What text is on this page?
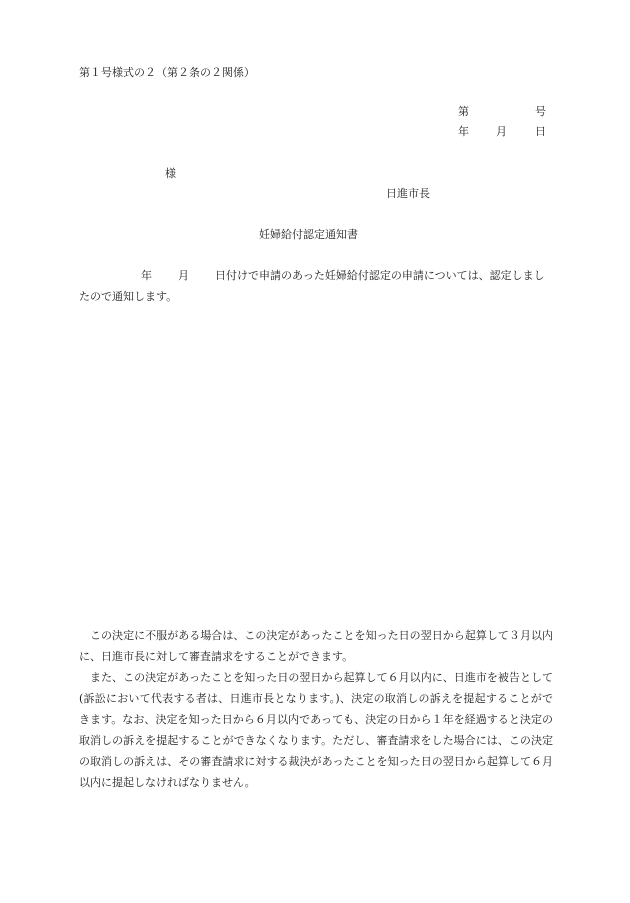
第１号様式の２（第２条の２関係）
第	号
年 月	日
様
日進市長
妊婦給付認定通知書
年 月 日付けで申請のあった妊婦給付認定の申請については、認定しましたので通知します。

この決定に不服がある場合は、この決定があったことを知った日の翌日から起算して３月以内に、日進市長に対して審査請求をすることができます。

また、この決定があったことを知った日の翌日から起算して６月以内に、日進市を被告として(訴訟において代表する者は、日進市長となります。)、決定の取消しの訴えを提起することができます。なお、決定を知った日から６月以内であっても、決定の日から１年を経過すると決定の取消しの訴えを提起することができなくなります。ただし、審査請求をした場合には、この決定の取消しの訴えは、その審査請求に対する裁決があったことを知った日の翌日から起算して６月以内に提起しなければなりません。
